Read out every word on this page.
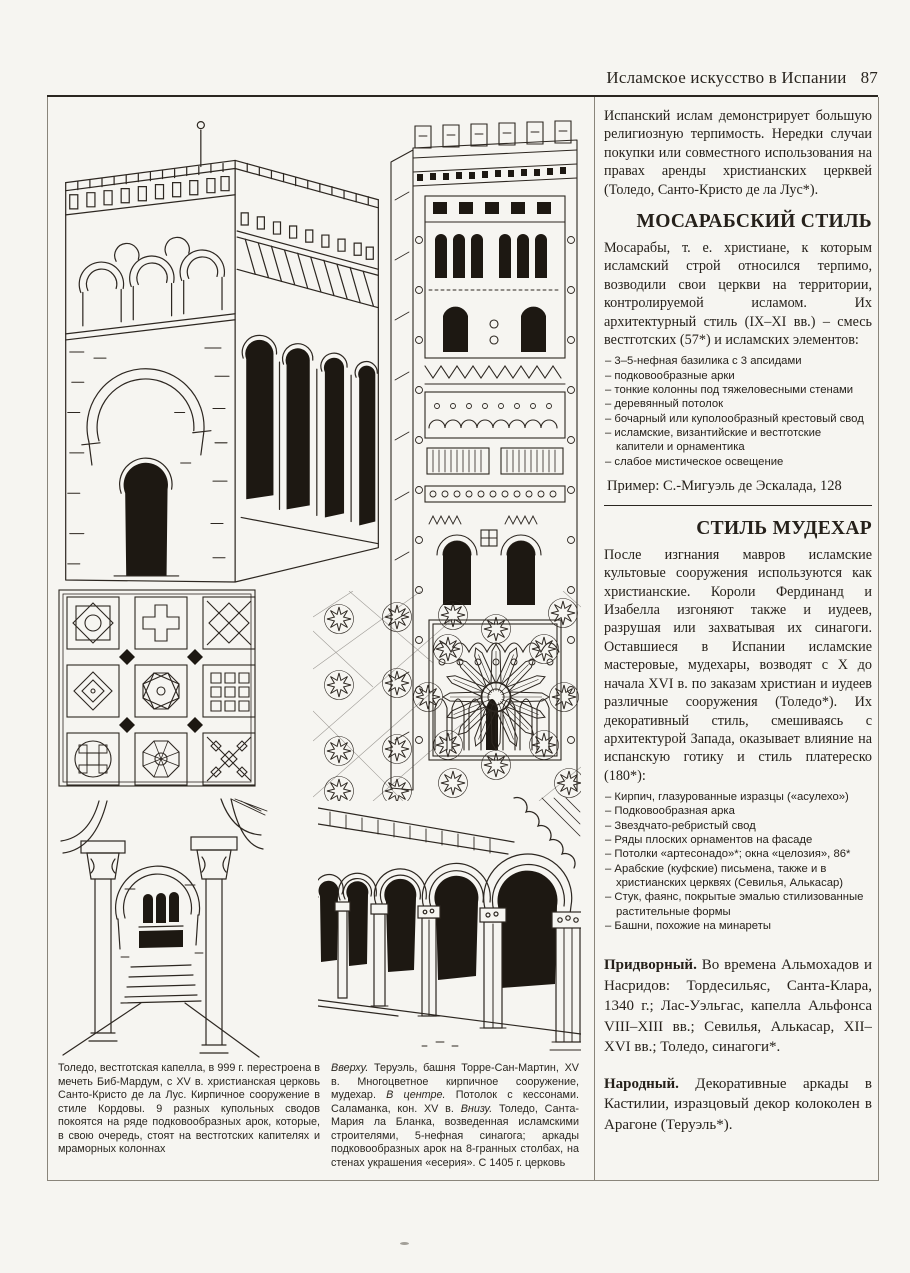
Исламское искусство в Испании 87
Толедо, вестготская капелла, в 999 г. перестроена в мечеть Биб-Мардум, с XV в. христианская церковь Санто-Кристо де ла Лус. Кирпичное сооружение в стиле Кордовы. 9 разных купольных сводов покоятся на ряде подковообразных арок, которые, в свою очередь, стоят на вестготских капителях и мраморных колоннах
Вверху. Теруэль, башня Торре-Сан-Мартин, XV в. Многоцветное кирпичное сооружение, мудехар. В центре. Потолок с кессонами. Саламанка, кон. XV в. Внизу. Толедо, Санта-Мария ла Бланка, возведенная исламскими строителями, 5-нефная синагога; аркады подковообразных арок на 8-гранных столбах, на стенах украшения «есерия». С 1405 г. церковь

Испанский ислам демонстрирует большую религиозную терпимость. Нередки случаи покупки или совместного использования на правах аренды христианских церквей (Толедо, Санто-Кристо де ла Лус*).

МОСАРАБСКИЙ СТИЛЬ

Мосарабы, т. е. христиане, к которым исламский строй относился терпимо, возводили свои церкви на территории, контролируемой исламом. Их архитектурный стиль (IX–XI вв.) – смесь вестготских (57*) и исламских элементов:

– 3–5-нефная базилика с 3 апсидами
– подковообразные арки
– тонкие колонны под тяжеловесными стенами
– деревянный потолок
– бочарный или куполообразный крестовый свод
– исламские, византийские и вестготские капители и орнаментика
– слабое мистическое освещение

Пример: С.-Мигуэль де Эскалада, 128

СТИЛЬ МУДЕХАР

После изгнания мавров исламские культовые сооружения используются как христианские. Короли Фердинанд и Изабелла изгоняют также и иудеев, разрушая или захватывая их синагоги. Оставшиеся в Испании исламские мастеровые, мудехары, возводят с X до начала XVI в. по заказам христиан и иудеев различные сооружения (Толедо*). Их декоративный стиль, смешиваясь с архитектурой Запада, оказывает влияние на испанскую готику и стиль платереско (180*):

– Кирпич, глазурованные изразцы («асулехо»)
– Подковообразная арка
– Звездчато-ребристый свод
– Ряды плоских орнаментов на фасаде
– Потолки «артесонадо»*; окна «целозия», 86*
– Арабские (куфские) письмена, также и в христианских церквях (Севилья, Алькасар)
– Стук, фаянс, покрытые эмалью стилизованные растительные формы
– Башни, похожие на минареты

Придворный. Во времена Альмохадов и Насридов: Тордесильяс, Санта-Клара, 1340 г.; Лас-Уэльгас, капелла Альфонса VIII–XIII вв.; Севилья, Алькасар, XII–XVI вв.; Толедо, синагоги*.

Народный. Декоративные аркады в Кастилии, изразцовый декор колоколен в Арагоне (Теруэль*).
